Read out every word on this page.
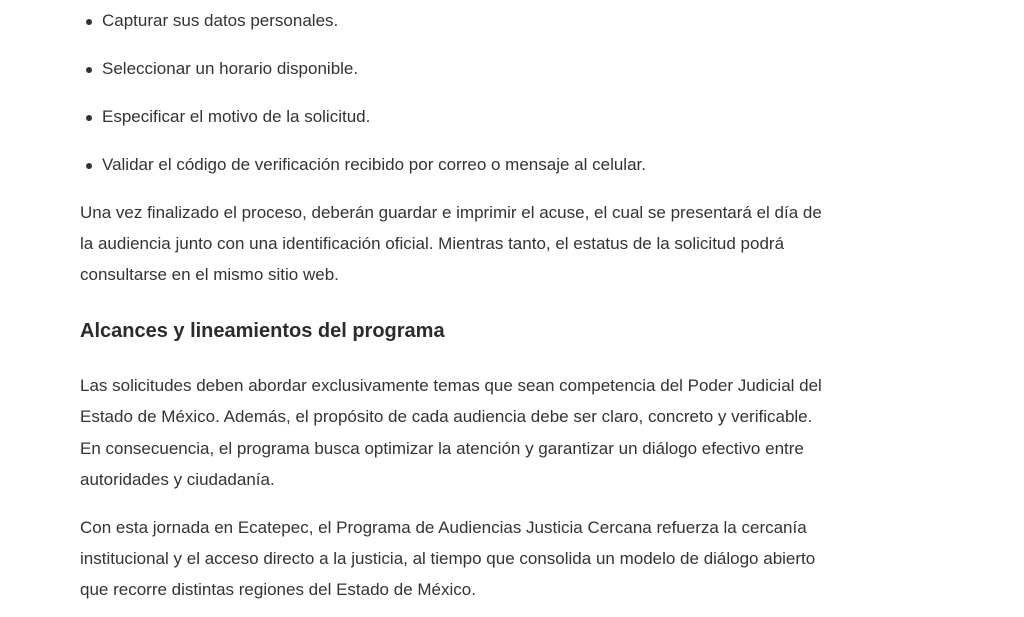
Capturar sus datos personales.
Seleccionar un horario disponible.
Especificar el motivo de la solicitud.
Validar el código de verificación recibido por correo o mensaje al celular.
Una vez finalizado el proceso, deberán guardar e imprimir el acuse, el cual se presentará el día de
la audiencia junto con una identificación oficial. Mientras tanto, el estatus de la solicitud podrá
consultarse en el mismo sitio web.
Alcances y lineamientos del programa
Las solicitudes deben abordar exclusivamente temas que sean competencia del Poder Judicial del
Estado de México. Además, el propósito de cada audiencia debe ser claro, concreto y verificable.
En consecuencia, el programa busca optimizar la atención y garantizar un diálogo efectivo entre
autoridades y ciudadanía.
Con esta jornada en Ecatepec, el Programa de Audiencias Justicia Cercana refuerza la cercanía
institucional y el acceso directo a la justicia, al tiempo que consolida un modelo de diálogo abierto
que recorre distintas regiones del Estado de México.
